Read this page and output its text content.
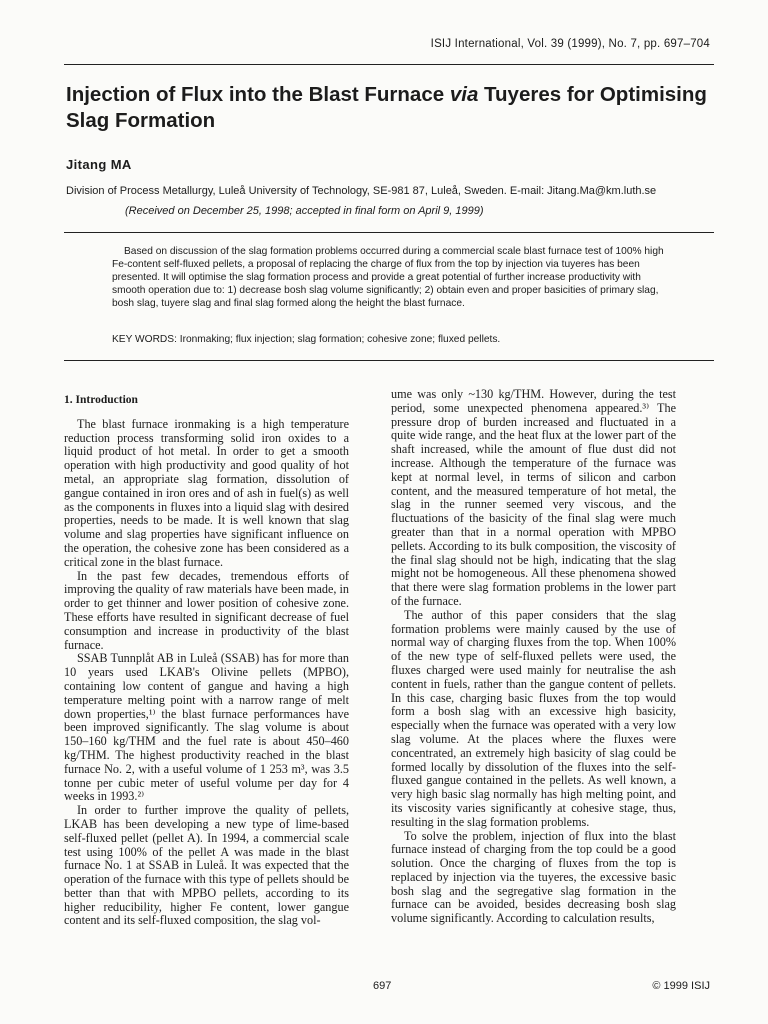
ISIJ International, Vol. 39 (1999), No. 7, pp. 697–704
Injection of Flux into the Blast Furnace via Tuyeres for Optimising Slag Formation
Jitang MA
Division of Process Metallurgy, Luleå University of Technology, SE-981 87, Luleå, Sweden. E-mail: Jitang.Ma@km.luth.se
(Received on December 25, 1998; accepted in final form on April 9, 1999)

Based on discussion of the slag formation problems occurred during a commercial scale blast furnace test of 100% high Fe-content self-fluxed pellets, a proposal of replacing the charge of flux from the top by injection via tuyeres has been presented. It will optimise the slag formation process and provide a great potential of further increase productivity with smooth operation due to: 1) decrease bosh slag volume significantly; 2) obtain even and proper basicities of primary slag, bosh slag, tuyere slag and final slag formed along the height the blast furnace.

KEY WORDS: Ironmaking; flux injection; slag formation; cohesive zone; fluxed pellets.
1. Introduction

The blast furnace ironmaking is a high temperature reduction process transforming solid iron oxides to a liquid product of hot metal. In order to get a smooth operation with high productivity and good quality of hot metal, an appropriate slag formation, dissolution of gangue contained in iron ores and of ash in fuel(s) as well as the components in fluxes into a liquid slag with desired properties, needs to be made. It is well known that slag volume and slag properties have significant influence on the operation, the cohesive zone has been considered as a critical zone in the blast furnace.

In the past few decades, tremendous efforts of improving the quality of raw materials have been made, in order to get thinner and lower position of cohesive zone. These efforts have resulted in significant decrease of fuel consumption and increase in productivity of the blast furnace.

SSAB Tunnplåt AB in Luleå (SSAB) has for more than 10 years used LKAB's Olivine pellets (MPBO), containing low content of gangue and having a high temperature melting point with a narrow range of melt down properties,¹⁾ the blast furnace performances have been improved significantly. The slag volume is about 150–160 kg/THM and the fuel rate is about 450–460 kg/THM. The highest productivity reached in the blast furnace No. 2, with a useful volume of 1 253 m³, was 3.5 tonne per cubic meter of useful volume per day for 4 weeks in 1993.²⁾

In order to further improve the quality of pellets, LKAB has been developing a new type of lime-based self-fluxed pellet (pellet A). In 1994, a commercial scale test using 100% of the pellet A was made in the blast furnace No. 1 at SSAB in Luleå. It was expected that the operation of the furnace with this type of pellets should be better than that with MPBO pellets, according to its higher reducibility, higher Fe content, lower gangue content and its self-fluxed composition, the slag vol-

ume was only ~130 kg/THM. However, during the test period, some unexpected phenomena appeared.³⁾ The pressure drop of burden increased and fluctuated in a quite wide range, and the heat flux at the lower part of the shaft increased, while the amount of flue dust did not increase. Although the temperature of the furnace was kept at normal level, in terms of silicon and carbon content, and the measured temperature of hot metal, the slag in the runner seemed very viscous, and the fluctuations of the basicity of the final slag were much greater than that in a normal operation with MPBO pellets. According to its bulk composition, the viscosity of the final slag should not be high, indicating that the slag might not be homogeneous. All these phenomena showed that there were slag formation problems in the lower part of the furnace.

The author of this paper considers that the slag formation problems were mainly caused by the use of normal way of charging fluxes from the top. When 100% of the new type of self-fluxed pellets were used, the fluxes charged were used mainly for neutralise the ash content in fuels, rather than the gangue content of pellets. In this case, charging basic fluxes from the top would form a bosh slag with an excessive high basicity, especially when the furnace was operated with a very low slag volume. At the places where the fluxes were concentrated, an extremely high basicity of slag could be formed locally by dissolution of the fluxes into the self-fluxed gangue contained in the pellets. As well known, a very high basic slag normally has high melting point, and its viscosity varies significantly at cohesive stage, thus, resulting in the slag formation problems.

To solve the problem, injection of flux into the blast furnace instead of charging from the top could be a good solution. Once the charging of fluxes from the top is replaced by injection via the tuyeres, the excessive basic bosh slag and the segregative slag formation in the furnace can be avoided, besides decreasing bosh slag volume significantly. According to calculation results,

697	© 1999 ISIJ
